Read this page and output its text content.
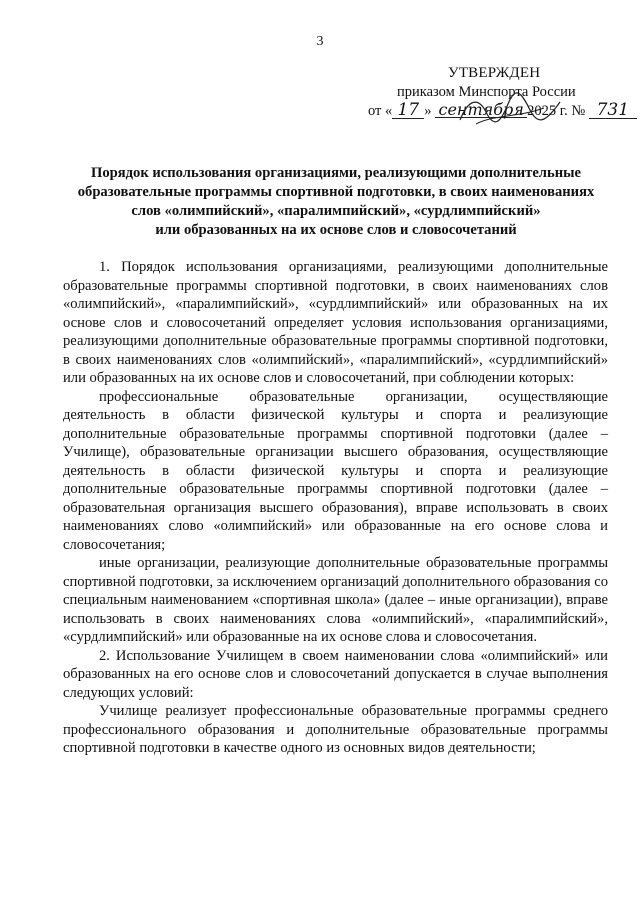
3
УТВЕРЖДЕН
приказом Минспорта России
от « 17 » сентября 2025 г. № 731
Порядок использования организациями, реализующими дополнительные
образовательные программы спортивной подготовки, в своих наименованиях
слов «олимпийский», «паралимпийский», «сурдлимпийский»
или образованных на их основе слов и словосочетаний

1. Порядок использования организациями, реализующими дополнительные образовательные программы спортивной подготовки, в своих наименованиях слов «олимпийский», «паралимпийский», «сурдлимпийский» или образованных на их основе слов и словосочетаний определяет условия использования организациями, реализующими дополнительные образовательные программы спортивной подготовки, в своих наименованиях слов «олимпийский», «паралимпийский», «сурдлимпийский» или образованных на их основе слов и словосочетаний, при соблюдении которых:

профессиональные образовательные организации, осуществляющие деятельность в области физической культуры и спорта и реализующие дополнительные образовательные программы спортивной подготовки (далее – Училище), образовательные организации высшего образования, осуществляющие деятельность в области физической культуры и спорта и реализующие дополнительные образовательные программы спортивной подготовки (далее – образовательная организация высшего образования), вправе использовать в своих наименованиях слово «олимпийский» или образованные на его основе слова и словосочетания;

иные организации, реализующие дополнительные образовательные программы спортивной подготовки, за исключением организаций дополнительного образования со специальным наименованием «спортивная школа» (далее – иные организации), вправе использовать в своих наименованиях слова «олимпийский», «паралимпийский», «сурдлимпийский» или образованные на их основе слова и словосочетания.

2. Использование Училищем в своем наименовании слова «олимпийский» или образованных на его основе слов и словосочетаний допускается в случае выполнения следующих условий:

Училище реализует профессиональные образовательные программы среднего профессионального образования и дополнительные образовательные программы спортивной подготовки в качестве одного из основных видов деятельности;
